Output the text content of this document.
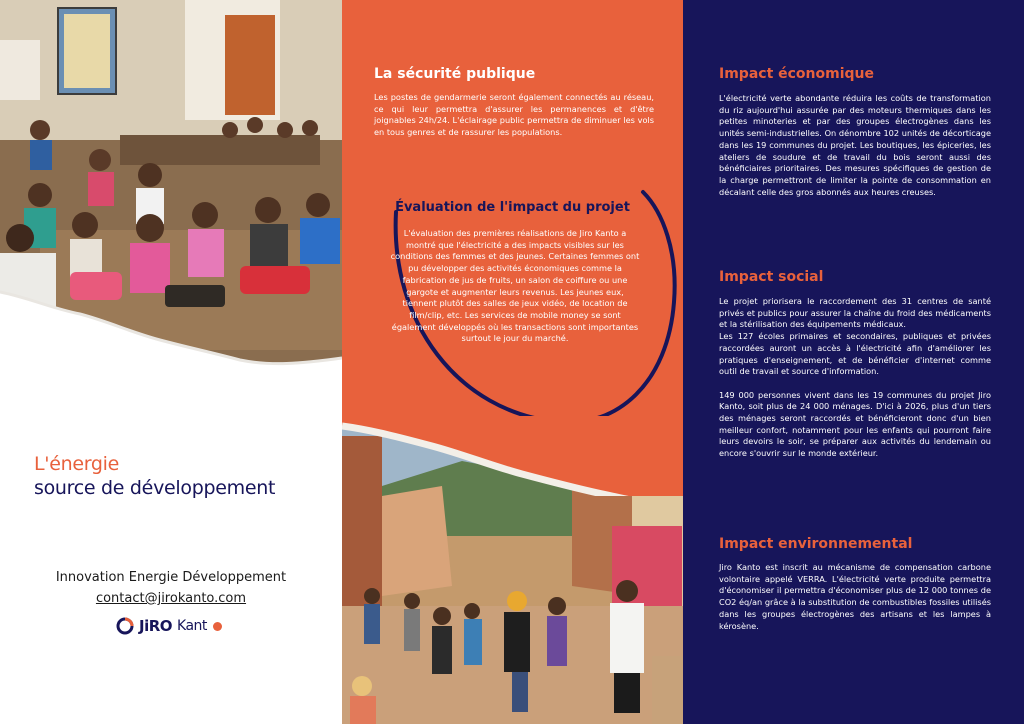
L'énergie
source de développement
Innovation Energie Développement
contact@jirokanto.com
JiRO Kant
La sécurité publique
Les postes de gendarmerie seront également connectés au réseau, ce qui leur permettra d'assurer les permanences et d'être joignables 24h/24. L'éclairage public permettra de diminuer les vols en tous genres et de rassurer les populations.
Évaluation de l'impact du projet
L'évaluation des premières réalisations de Jiro Kanto a montré que l'électricité a des impacts visibles sur les conditions des femmes et des jeunes. Certaines femmes ont pu développer des activités économiques comme la fabrication de jus de fruits, un salon de coiffure ou une gargote et augmenter leurs revenus. Les jeunes eux, tiennent plutôt des salles de jeux vidéo, de location de film/clip, etc. Les services de mobile money se sont également développés où les transactions sont importantes surtout le jour du marché.
Impact économique
L'électricité verte abondante réduira les coûts de transformation du riz aujourd'hui assurée par des moteurs thermiques dans les petites minoteries et par des groupes électrogènes dans les unités semi-industrielles. On dénombre 102 unités de décorticage dans les 19 communes du projet. Les boutiques, les épiceries, les ateliers de soudure et de travail du bois seront aussi des bénéficiaires prioritaires. Des mesures spécifiques de gestion de la charge permettront de limiter la pointe de consommation en décalant celle des gros abonnés aux heures creuses.
Impact social

Le projet priorisera le raccordement des 31 centres de santé privés et publics pour assurer la chaîne du froid des médicaments et la stérilisation des équipements médicaux.

Les 127 écoles primaires et secondaires, publiques et privées raccordées auront un accès à l'électricité afin d'améliorer les pratiques d'enseignement, et de bénéficier d'internet comme outil de travail et source d'information.

149 000 personnes vivent dans les 19 communes du projet Jiro Kanto, soit plus de 24 000 ménages. D'ici à 2026, plus d'un tiers des ménages seront raccordés et bénéficieront donc d'un bien meilleur confort, notamment pour les enfants qui pourront faire leurs devoirs le soir, se préparer aux activités du lendemain ou encore s'ouvrir sur le monde extérieur.

Impact environnemental
Jiro Kanto est inscrit au mécanisme de compensation carbone volontaire appelé VERRA. L'électricité verte produite permettra d'économiser il permettra d'économiser plus de 12 000 tonnes de CO2 éq/an grâce à la substitution de combustibles fossiles utilisés dans les groupes électrogènes des artisans et les lampes à kérosène.
